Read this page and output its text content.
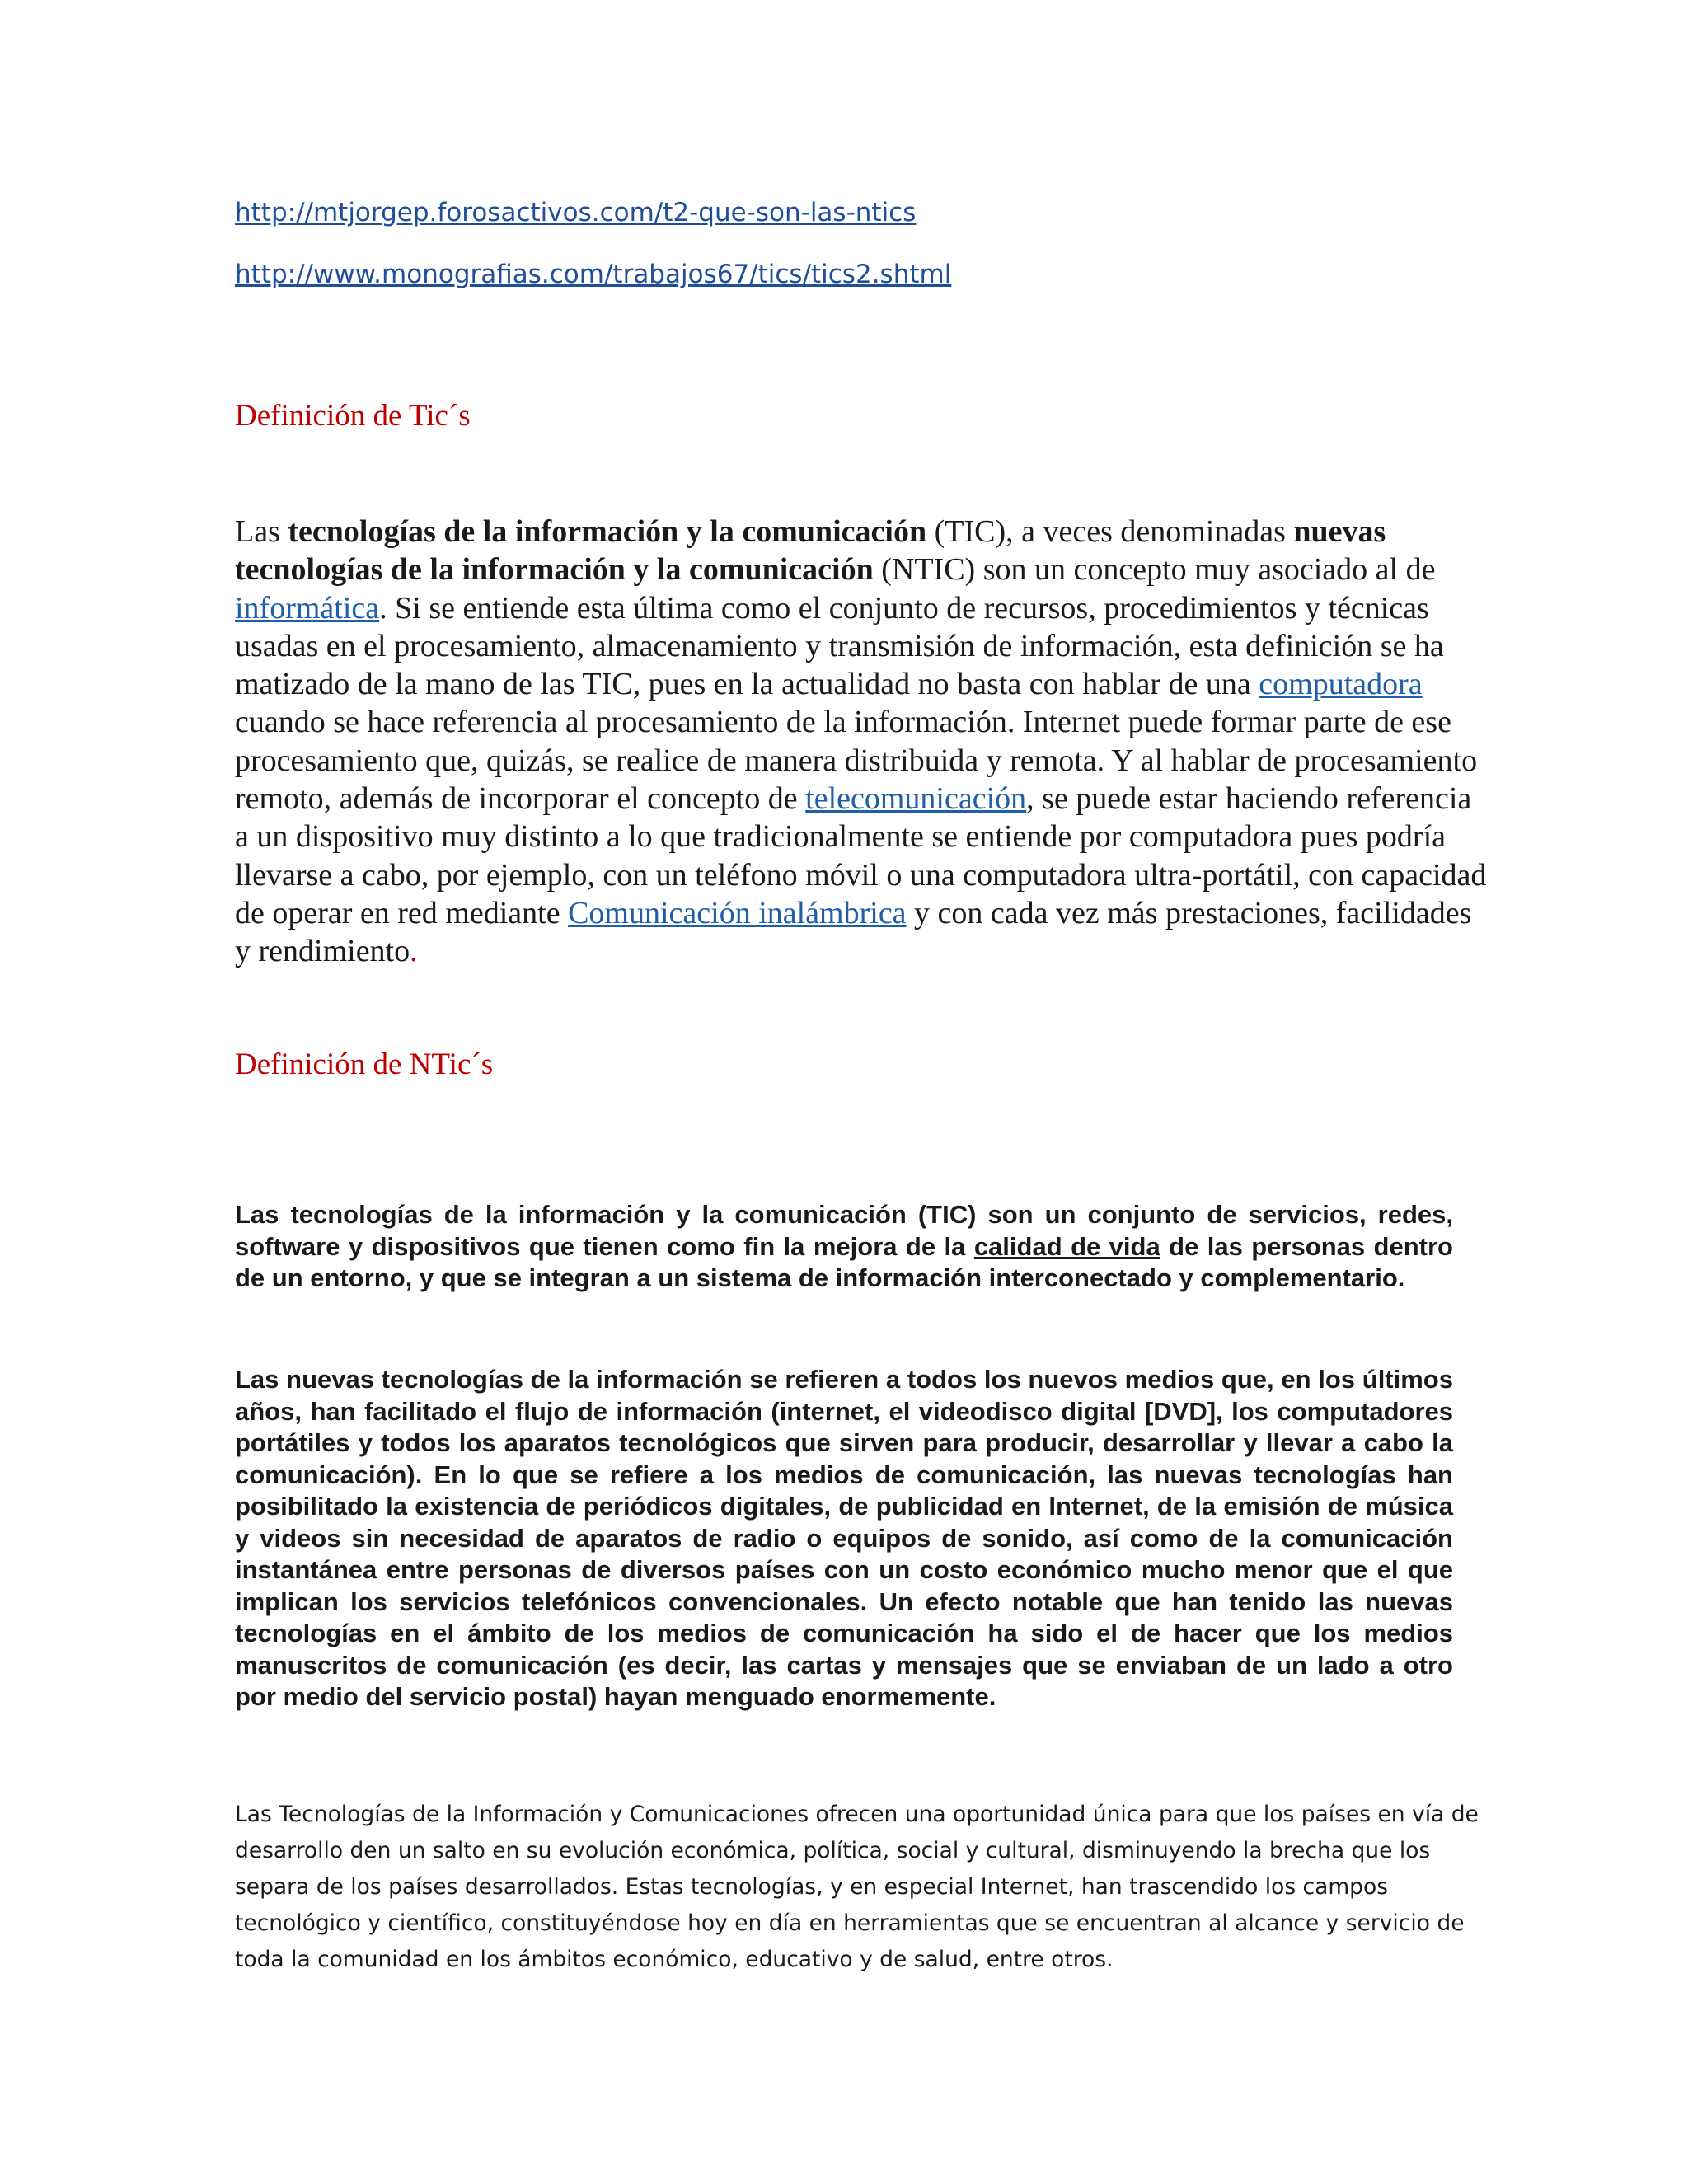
http://mtjorgep.forosactivos.com/t2-que-son-las-ntics
http://www.monografias.com/trabajos67/tics/tics2.shtml
Definición de Tic´s

Las tecnologías de la información y la comunicación (TIC), a veces denominadas nuevas tecnologías de la información y la comunicación (NTIC) son un concepto muy asociado al de informática. Si se entiende esta última como el conjunto de recursos, procedimientos y técnicas usadas en el procesamiento, almacenamiento y transmisión de información, esta definición se ha matizado de la mano de las TIC, pues en la actualidad no basta con hablar de una computadora cuando se hace referencia al procesamiento de la información. Internet puede formar parte de ese procesamiento que, quizás, se realice de manera distribuida y remota. Y al hablar de procesamiento remoto, además de incorporar el concepto de telecomunicación, se puede estar haciendo referencia a un dispositivo muy distinto a lo que tradicionalmente se entiende por computadora pues podría llevarse a cabo, por ejemplo, con un teléfono móvil o una computadora ultra-portátil, con capacidad de operar en red mediante Comunicación inalámbrica y con cada vez más prestaciones, facilidades y rendimiento.

Definición de NTic´s

Las tecnologías de la información y la comunicación (TIC) son un conjunto de servicios, redes, software y dispositivos que tienen como fin la mejora de la calidad de vida de las personas dentro de un entorno, y que se integran a un sistema de información interconectado y complementario.

Las nuevas tecnologías de la información se refieren a todos los nuevos medios que, en los últimos años, han facilitado el flujo de información (internet, el videodisco digital [DVD], los computadores portátiles y todos los aparatos tecnológicos que sirven para producir, desarrollar y llevar a cabo la comunicación). En lo que se refiere a los medios de comunicación, las nuevas tecnologías han posibilitado la existencia de periódicos digitales, de publicidad en Internet, de la emisión de música y videos sin necesidad de aparatos de radio o equipos de sonido, así como de la comunicación instantánea entre personas de diversos países con un costo económico mucho menor que el que implican los servicios telefónicos convencionales. Un efecto notable que han tenido las nuevas tecnologías en el ámbito de los medios de comunicación ha sido el de hacer que los medios manuscritos de comunicación (es decir, las cartas y mensajes que se enviaban de un lado a otro por medio del servicio postal) hayan menguado enormemente.

Las Tecnologías de la Información y Comunicaciones ofrecen una oportunidad única para que los países en vía de desarrollo den un salto en su evolución económica, política, social y cultural, disminuyendo la brecha que los separa de los países desarrollados. Estas tecnologías, y en especial Internet, han trascendido los campos tecnológico y científico, constituyéndose hoy en día en herramientas que se encuentran al alcance y servicio de toda la comunidad en los ámbitos económico, educativo y de salud, entre otros.
